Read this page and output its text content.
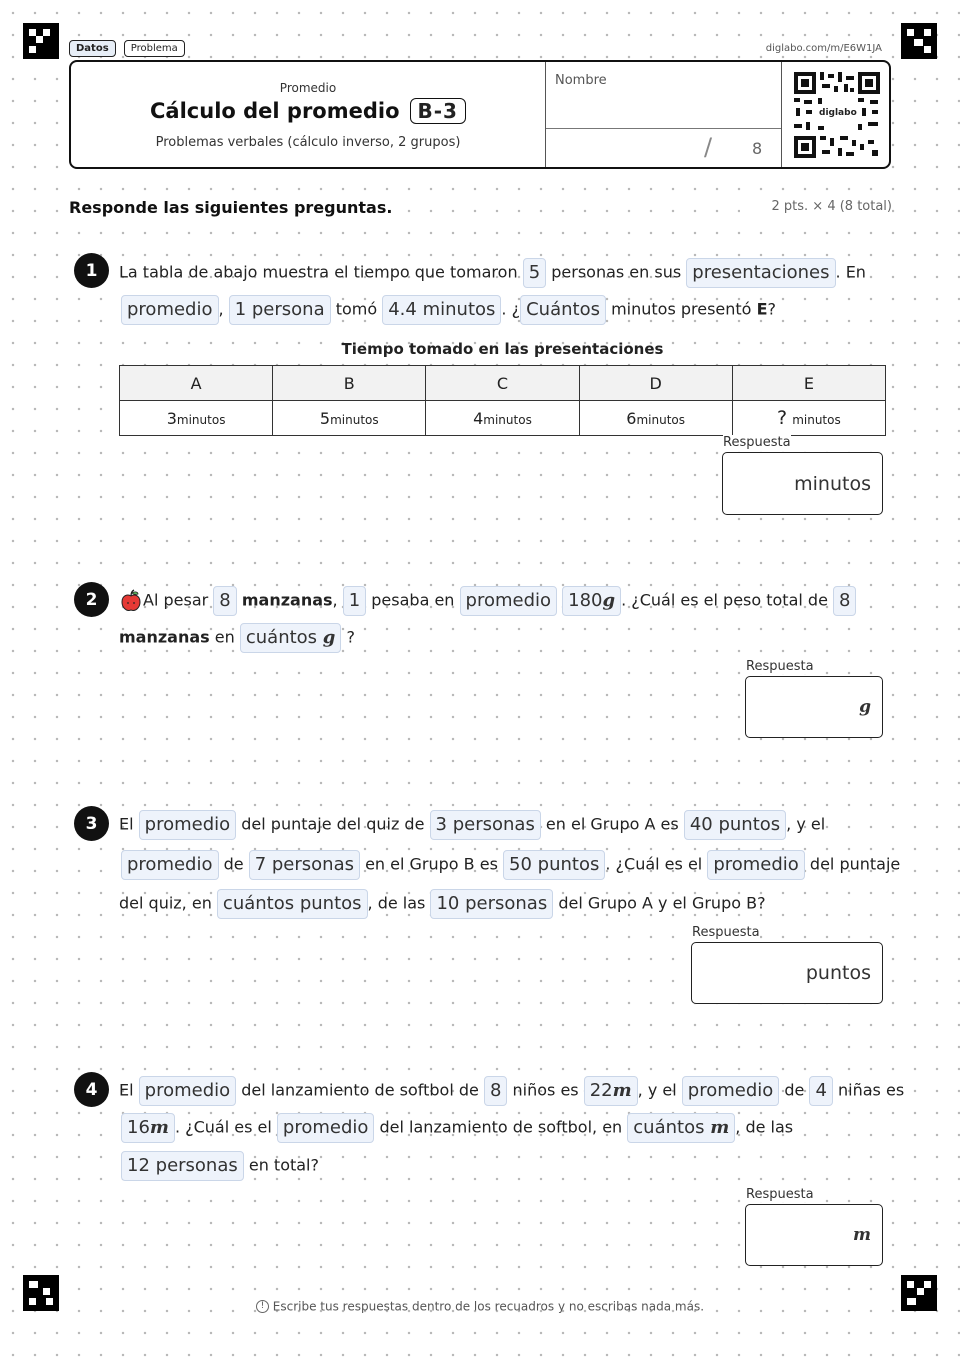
Datos Problema	diglabo.com/m/E6W1JA
Promedio
Cálculo del promedio B-3
Problemas verbales (cálculo inverso, 2 grupos)
Nombre
/ 8
diglabo
Responde las siguientes preguntas.	2 pts. × 4 (8 total)
1	La tabla de abajo muestra el tiempo que tomaron 5 personas en sus presentaciones . En
promedio , 1 persona tomó 4.4 minutos . ¿ Cuántos minutos presentó E?
Tiempo tomado en las presentaciones
A	B	C	D	E
3minutos	5minutos	4minutos	6minutos	? minutos
Respuesta
minutos
2	Al pesar 8 manzanas, 1 pesaba en promedio 180g . ¿Cuál es el peso total de 8
manzanas en cuántos g ?
Respuesta
g
3	El promedio del puntaje del quiz de 3 personas en el Grupo A es 40 puntos , y el
promedio de 7 personas en el Grupo B es 50 puntos . ¿Cuál es el promedio del puntaje
del quiz, en cuántos puntos , de las 10 personas del Grupo A y el Grupo B?
Respuesta
puntos
4	El promedio del lanzamiento de softbol de 8 niños es 22m , y el promedio de 4 niñas es
16m . ¿Cuál es el promedio del lanzamiento de softbol, en cuántos m , de las
12 personas en total?
Respuesta
m
! Escribe tus respuestas dentro de los recuadros y no escribas nada más.
